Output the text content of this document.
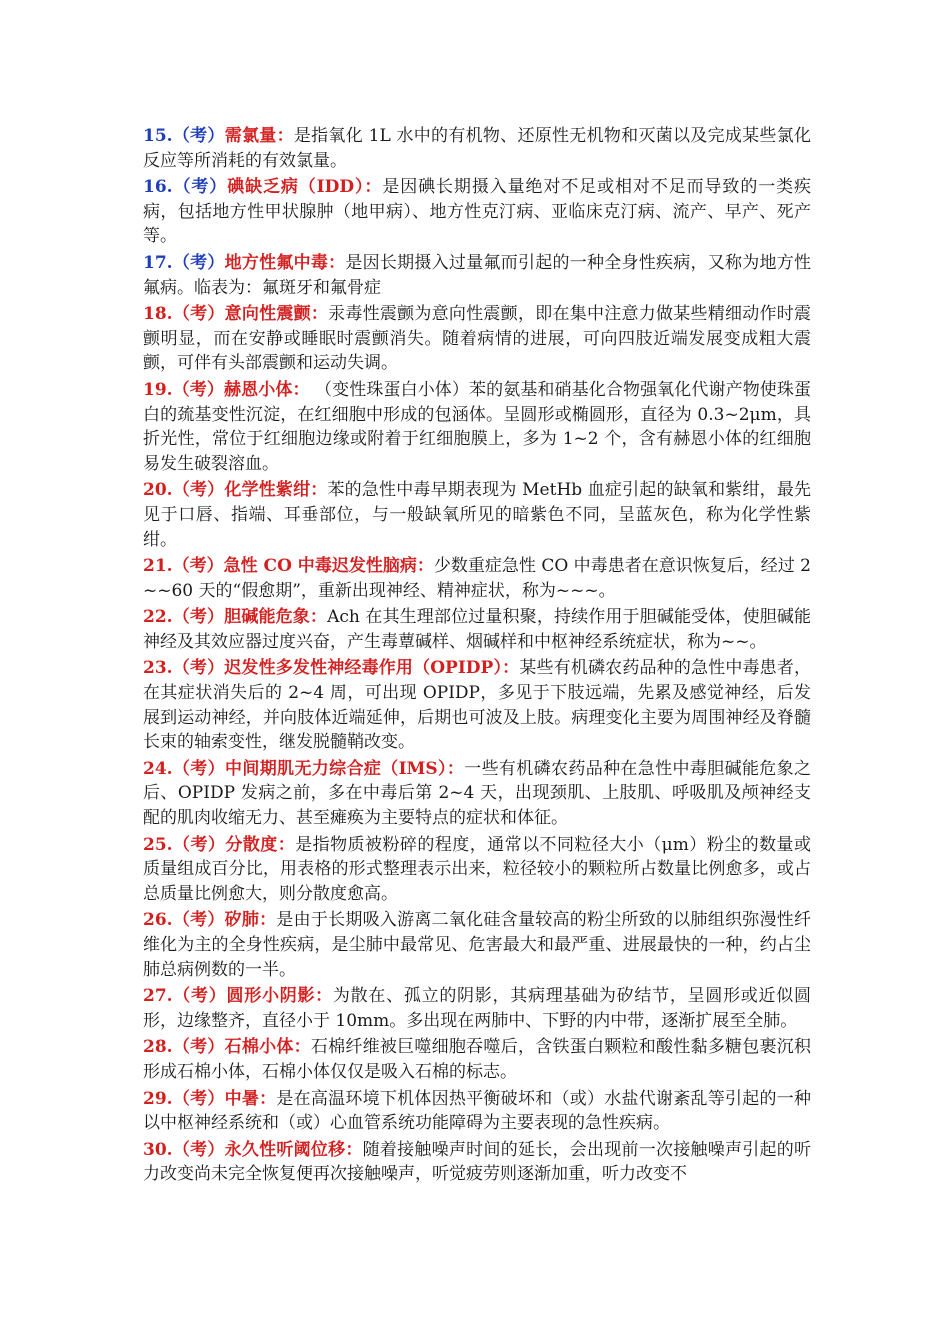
15.（考）需氯量：是指氧化 1L 水中的有机物、还原性无机物和灭菌以及完成某些氯化反应等所消耗的有效氯量。

16.（考）碘缺乏病（IDD）：是因碘长期摄入量绝对不足或相对不足而导致的一类疾病，包括地方性甲状腺肿（地甲病）、地方性克汀病、亚临床克汀病、流产、早产、死产等。

17.（考）地方性氟中毒：是因长期摄入过量氟而引起的一种全身性疾病，又称为地方性氟病。临表为：氟斑牙和氟骨症

18.（考）意向性震颤：汞毒性震颤为意向性震颤，即在集中注意力做某些精细动作时震颤明显，而在安静或睡眠时震颤消失。随着病情的进展，可向四肢近端发展变成粗大震颤，可伴有头部震颤和运动失调。

19.（考）赫恩小体： （变性珠蛋白小体）苯的氨基和硝基化合物强氧化代谢产物使珠蛋白的巯基变性沉淀，在红细胞中形成的包涵体。呈圆形或椭圆形，直径为 0.3~2μm，具折光性，常位于红细胞边缘或附着于红细胞膜上，多为 1~2 个，含有赫恩小体的红细胞易发生破裂溶血。

20.（考）化学性紫绀：苯的急性中毒早期表现为 MetHb 血症引起的缺氧和紫绀，最先见于口唇、指端、耳垂部位，与一般缺氧所见的暗紫色不同，呈蓝灰色，称为化学性紫绀。

21.（考）急性 CO 中毒迟发性脑病：少数重症急性 CO 中毒患者在意识恢复后，经过 2~~60 天的“假愈期”，重新出现神经、精神症状，称为~~~。

22.（考）胆碱能危象：Ach 在其生理部位过量积聚，持续作用于胆碱能受体，使胆碱能神经及其效应器过度兴奋，产生毒蕈碱样、烟碱样和中枢神经系统症状，称为~~。

23.（考）迟发性多发性神经毒作用（OPIDP）：某些有机磷农药品种的急性中毒患者，在其症状消失后的 2~4 周，可出现 OPIDP，多见于下肢远端，先累及感觉神经，后发展到运动神经，并向肢体近端延伸，后期也可波及上肢。病理变化主要为周围神经及脊髓长束的轴索变性，继发脱髓鞘改变。

24.（考）中间期肌无力综合症（IMS）：一些有机磷农药品种在急性中毒胆碱能危象之后、OPIDP 发病之前，多在中毒后第 2~4 天，出现颈肌、上肢肌、呼吸肌及颅神经支配的肌肉收缩无力、甚至瘫痪为主要特点的症状和体征。

25.（考）分散度：是指物质被粉碎的程度，通常以不同粒径大小（μm）粉尘的数量或质量组成百分比，用表格的形式整理表示出来，粒径较小的颗粒所占数量比例愈多，或占总质量比例愈大，则分散度愈高。

26.（考）矽肺：是由于长期吸入游离二氧化硅含量较高的粉尘所致的以肺组织弥漫性纤维化为主的全身性疾病，是尘肺中最常见、危害最大和最严重、进展最快的一种，约占尘肺总病例数的一半。

27.（考）圆形小阴影：为散在、孤立的阴影，其病理基础为矽结节，呈圆形或近似圆形，边缘整齐，直径小于 10mm。多出现在两肺中、下野的内中带，逐渐扩展至全肺。

28.（考）石棉小体：石棉纤维被巨噬细胞吞噬后，含铁蛋白颗粒和酸性黏多糖包裹沉积形成石棉小体，石棉小体仅仅是吸入石棉的标志。

29.（考）中暑：是在高温环境下机体因热平衡破坏和（或）水盐代谢紊乱等引起的一种以中枢神经系统和（或）心血管系统功能障碍为主要表现的急性疾病。

30.（考）永久性听阈位移：随着接触噪声时间的延长，会出现前一次接触噪声引起的听力改变尚未完全恢复便再次接触噪声，听觉疲劳则逐渐加重，听力改变不
